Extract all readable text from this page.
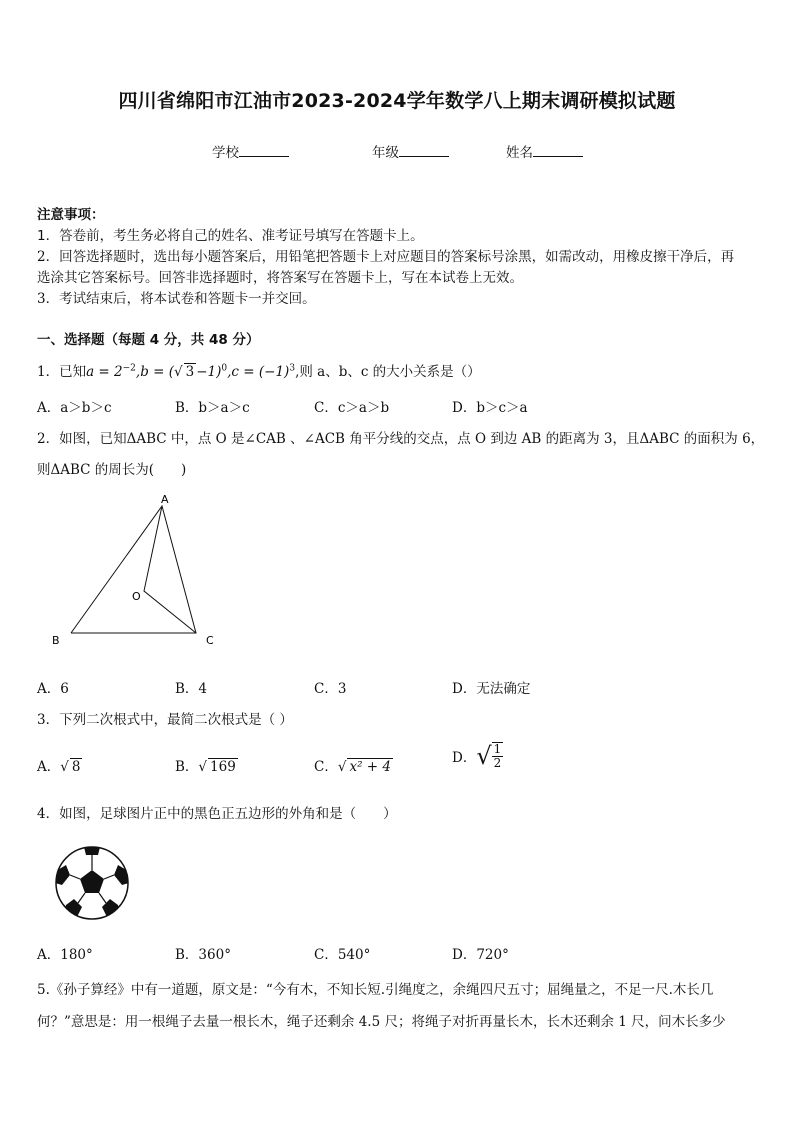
四川省绵阳市江油市2023-2024学年数学八上期末调研模拟试题
学校	年级	姓名
注意事项：
1．答卷前，考生务必将自己的姓名、准考证号填写在答题卡上。
2．回答选择题时，选出每小题答案后，用铅笔把答题卡上对应题目的答案标号涂黑，如需改动，用橡皮擦干净后，再
选涂其它答案标号。回答非选择题时，将答案写在答题卡上，写在本试卷上无效。
3．考试结束后，将本试卷和答题卡一并交回。
一、选择题（每题 4 分，共 48 分）
1．已知$a = 2^{-2},b$ = (√ $3 -1)^0,c = (-1)^3$,则 a、b、c 的大小关系是（）
A．a＞b＞c	B．b＞a＞c	C．c＞a＞b	D．b＞c＞a
2．如图，已知ΔABC 中，点 O 是∠CAB 、∠ACB 角平分线的交点，点 O 到边 AB 的距离为 3，且ΔABC 的面积为 6，
则ΔABC 的周长为(　　)
A
B	C
O
A．6	B．4	C．3	D．无法确定
3．下列二次根式中，最简二次根式是（ ）
A．√ 8	B．√ 169	C．√ x² + 4
D．√ $\frac{1}{2}$
4．如图，足球图片正中的黑色正五边形的外角和是（　　）
A．180°	B．360°	C．540°	D．720°
5.《孙子算经》中有一道题，原文是：“今有木，不知长短.引绳度之，余绳四尺五寸；屈绳量之，不足一尺.木长几
何？”意思是：用一根绳子去量一根长木，绳子还剩余 4.5 尺；将绳子对折再量长木，长木还剩余 1 尺，问木长多少
